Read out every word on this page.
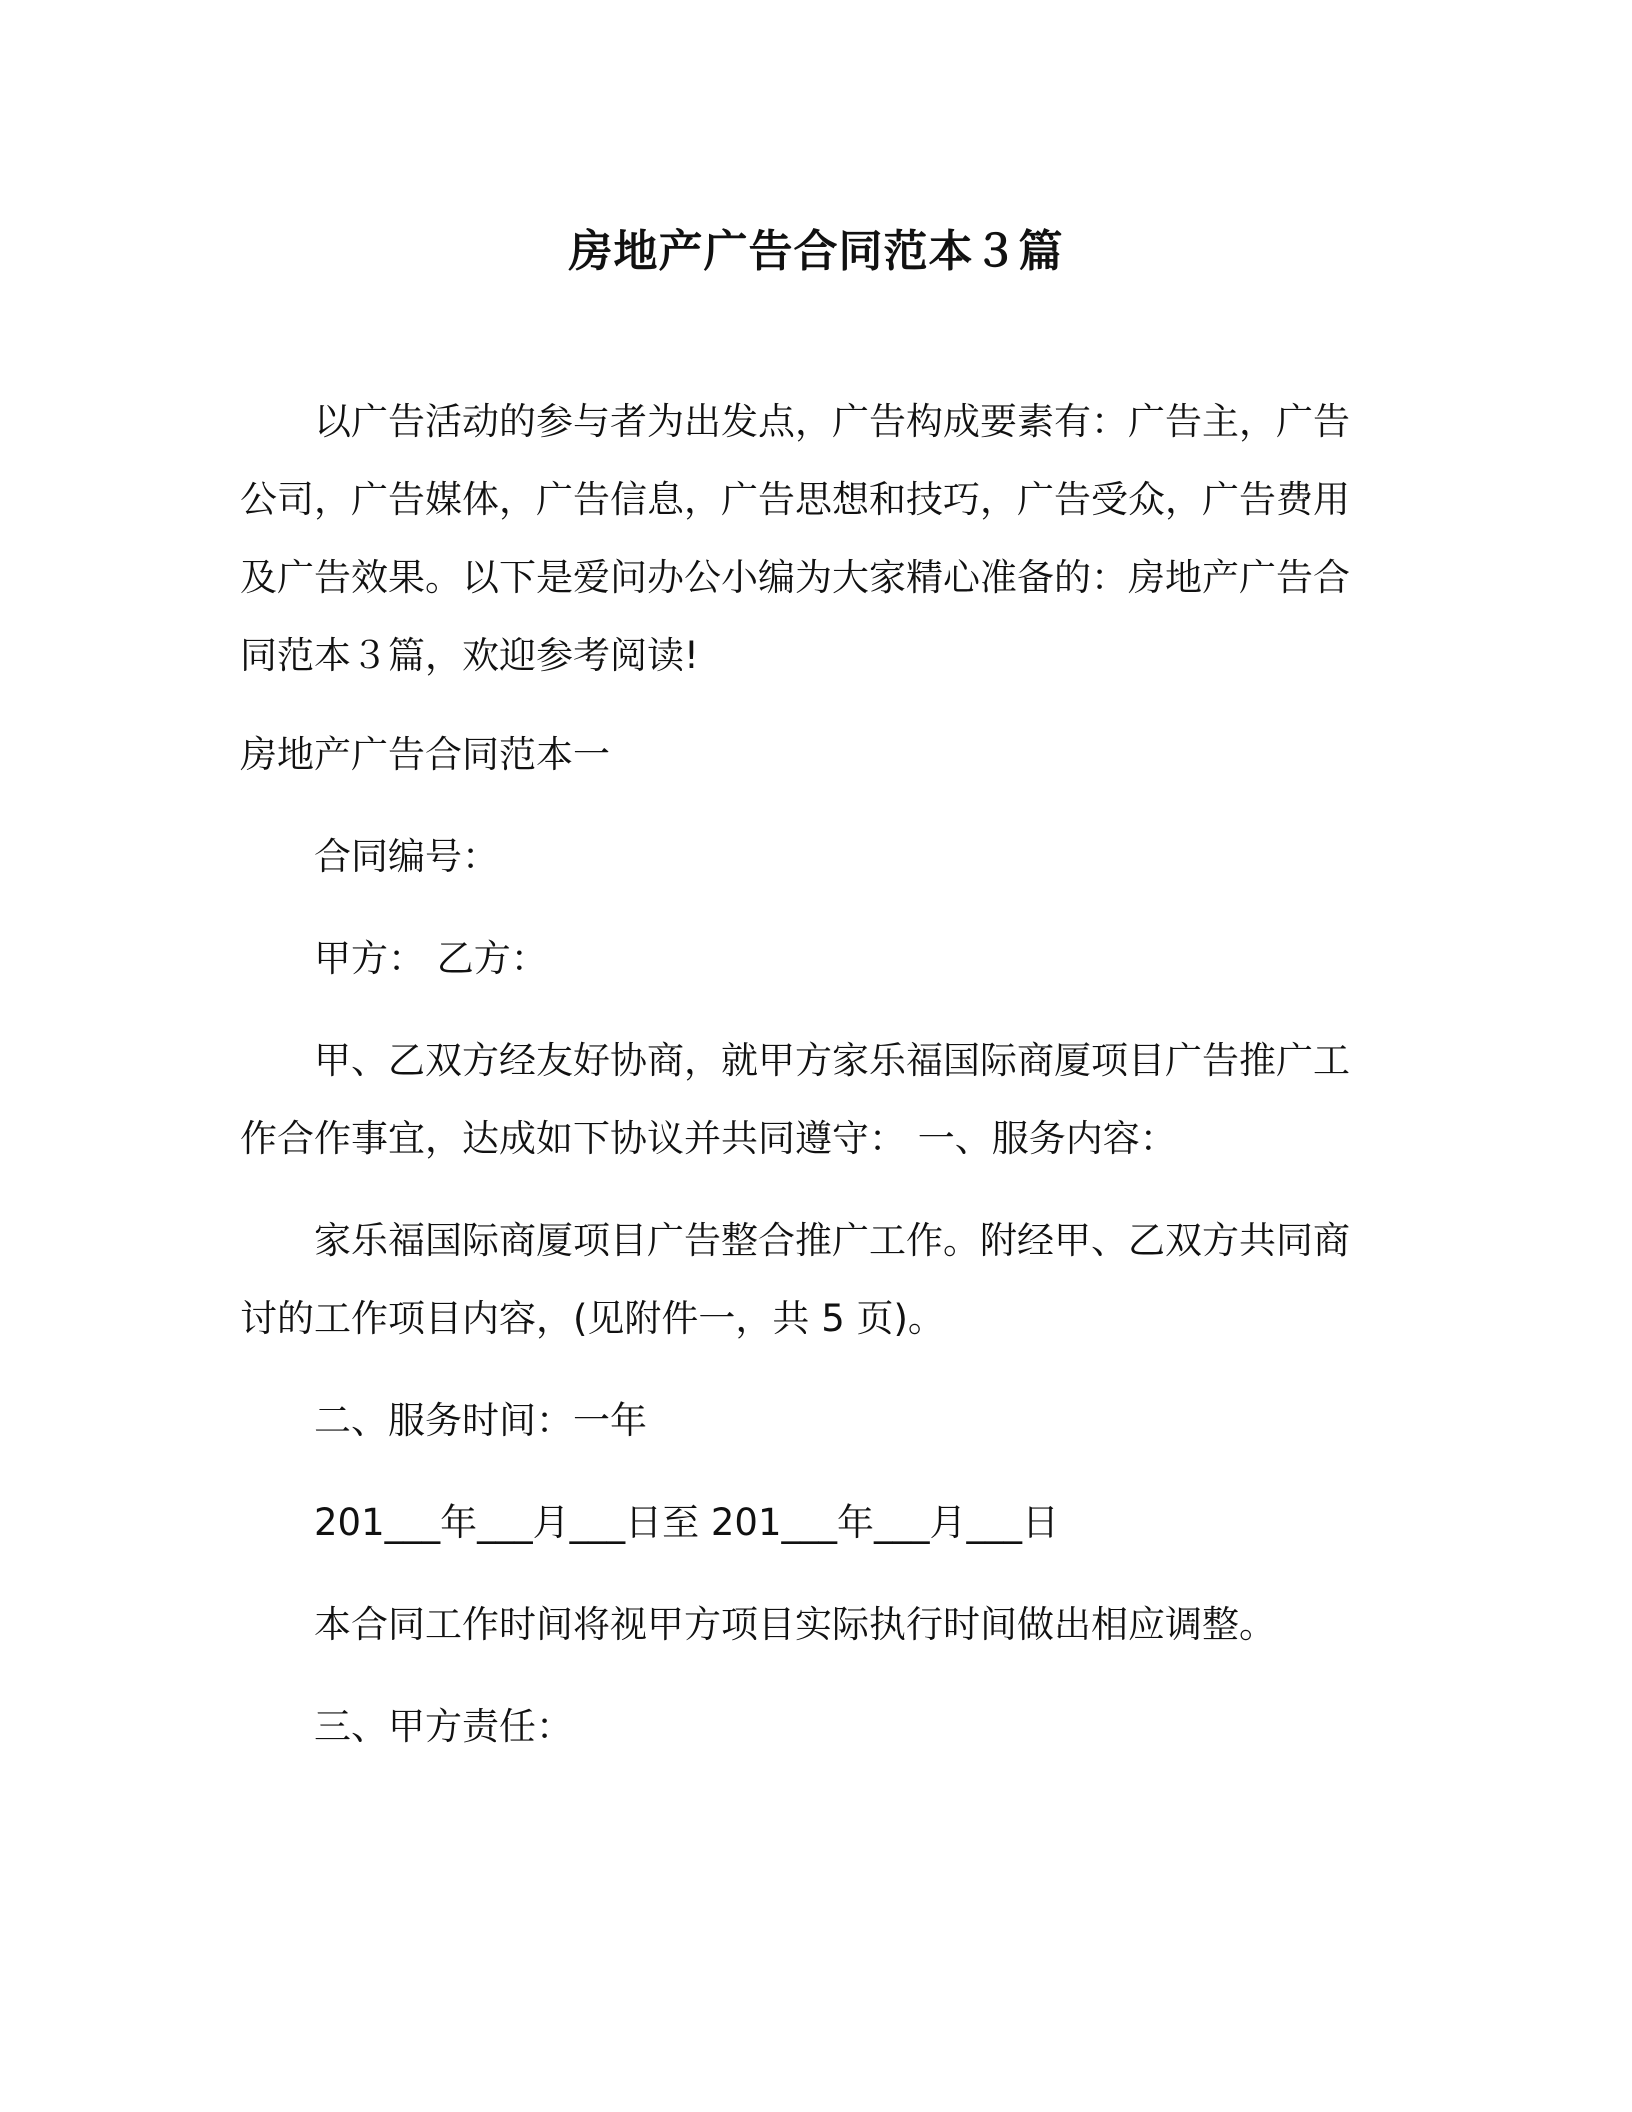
房地产广告合同范本３篇

以广告活动的参与者为出发点，广告构成要素有：广告主，广告公司，广告媒体，广告信息，广告思想和技巧，广告受众，广告费用及广告效果。以下是爱问办公小编为大家精心准备的：房地产广告合同范本３篇，欢迎参考阅读!

房地产广告合同范本一
合同编号：
甲方： 乙方：

甲、乙双方经友好协商，就甲方家乐福国际商厦项目广告推广工作合作事宜，达成如下协议并共同遵守： 一、服务内容：

家乐福国际商厦项目广告整合推广工作。附经甲、乙双方共同商讨的工作项目内容，(见附件一，共 5 页)。

二、服务时间：一年
201___年___月___日至 201___年___月___日
本合同工作时间将视甲方项目实际执行时间做出相应调整。
三、甲方责任：
